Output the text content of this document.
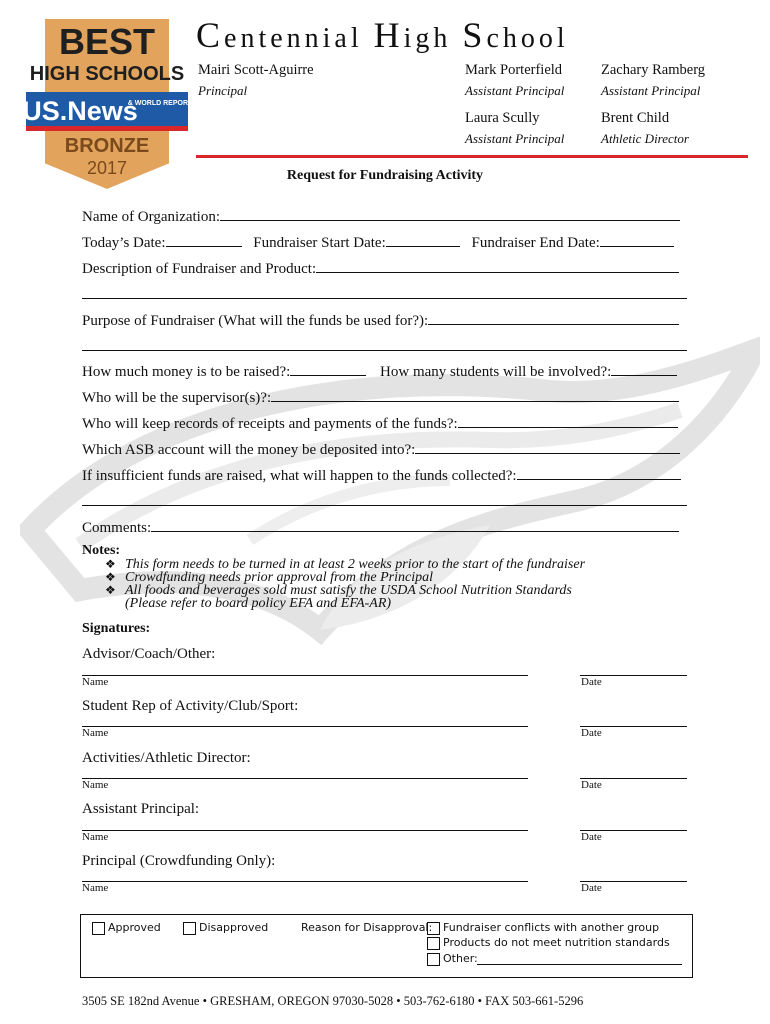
BEST
HIGH SCHOOLS
US.News
& WORLD REPORT
BRONZE
2017
Centennial High School
Mairi Scott-Aguirre
Principal
Mark Porterfield
Assistant Principal
Zachary Ramberg
Assistant Principal
Laura Scully
Assistant Principal
Brent Child
Athletic Director
Request for Fundraising Activity
Name of Organization:
Today’s Date:	Fundraiser Start Date:	Fundraiser End Date:
Description of Fundraiser and Product:
Purpose of Fundraiser (What will the funds be used for?):
How much money is to be raised?:	How many students will be involved?:
Who will be the supervisor(s)?:
Who will keep records of receipts and payments of the funds?:
Which ASB account will the money be deposited into?:
If insufficient funds are raised, what will happen to the funds collected?:
Comments:
Notes:
❖ This form needs to be turned in at least 2 weeks prior to the start of the fundraiser
❖ Crowdfunding needs prior approval from the Principal
❖ All foods and beverages sold must satisfy the USDA School Nutrition Standards
(Please refer to board policy EFA and EFA-AR)
Signatures:
Advisor/Coach/Other:
Name	Date
Student Rep of Activity/Club/Sport:
Name	Date
Activities/Athletic Director:
Name	Date
Assistant Principal:
Name	Date
Principal (Crowdfunding Only):
Name	Date
Approved	Disapproved	Reason for Disapproval: Fundraiser conflicts with another group
Products do not meet nutrition standards
Other:
3505 SE 182nd Avenue • GRESHAM, OREGON 97030-5028 • 503-762-6180 • FAX 503-661-5296
